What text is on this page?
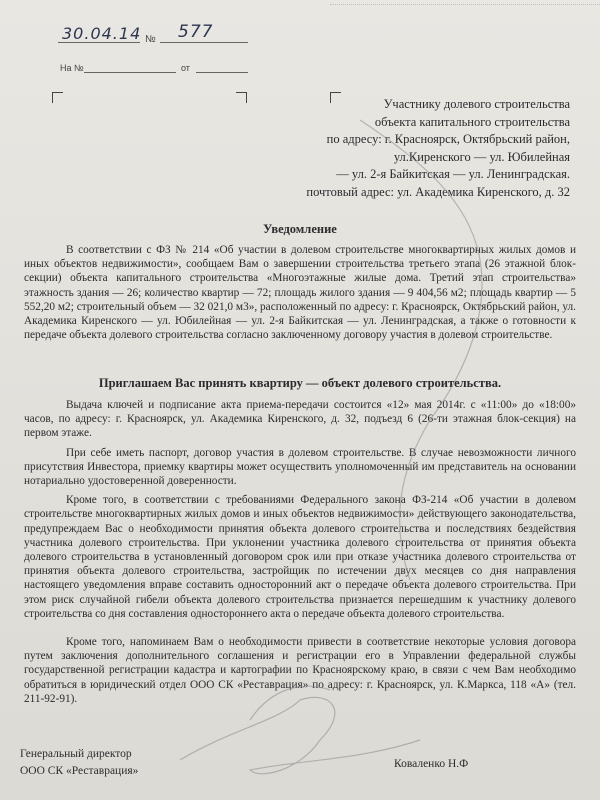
30.04.14 № 577
На №	от
Участнику долевого строительства
объекта капитального строительства
по адресу: г. Красноярск, Октябрьский район,
ул.Киренского — ул. Юбилейная
— ул. 2-я Байкитская — ул. Ленинградская.
почтовый адрес: ул. Академика Киренского, д. 32
Уведомление

В соответствии с ФЗ № 214 «Об участии в долевом строительстве многоквартирных жилых домов и иных объектов недвижимости», сообщаем Вам о завершении строительства третьего этапа (26 этажной блок-секции) объекта капитального строительства «Многоэтажные жилые дома. Третий этап строительства» этажность здания — 26; количество квартир — 72; площадь жилого здания — 9 404,56 м2; площадь квартир — 5 552,20 м2; строительный объем — 32 021,0 м3», расположенный по адресу: г. Красноярск, Октябрьский район, ул. Академика Киренского — ул. Юбилейная — ул. 2-я Байкитская — ул. Ленинградская, а также о готовности к передаче объекта долевого строительства согласно заключенному договору участия в долевом строительстве.

Приглашаем Вас принять квартиру — объект долевого строительства.

Выдача ключей и подписание акта приема-передачи состоится «12» мая 2014г. с «11:00» до «18:00» часов, по адресу: г. Красноярск, ул. Академика Киренского, д. 32, подъезд 6 (26-ти этажная блок-секция) на первом этаже.

При себе иметь паспорт, договор участия в долевом строительстве. В случае невозможности личного присутствия Инвестора, приемку квартиры может осуществить уполномоченный им представитель на основании нотариально удостоверенной доверенности.

Кроме того, в соответствии с требованиями Федерального закона ФЗ-214 «Об участии в долевом строительстве многоквартирных жилых домов и иных объектов недвижимости» действующего законодательства, предупреждаем Вас о необходимости принятия объекта долевого строительства и последствиях бездействия участника долевого строительства. При уклонении участника долевого строительства от принятия объекта долевого строительства в установленный договором срок или при отказе участника долевого строительства от принятия объекта долевого строительства, застройщик по истечении двух месяцев со дня направления настоящего уведомления вправе составить односторонний акт о передаче объекта долевого строительства. При этом риск случайной гибели объекта долевого строительства признается перешедшим к участнику долевого строительства со дня составления одностороннего акта о передаче объекта долевого строительства.

Кроме того, напоминаем Вам о необходимости привести в соответствие некоторые условия договора путем заключения дополнительного соглашения и регистрации его в Управлении федеральной службы государственной регистрации кадастра и картографии по Красноярскому краю, в связи с чем Вам необходимо обратиться в юридический отдел ООО СК «Реставрация» по адресу: г. Красноярск, ул. К.Маркса, 118 «А» (тел. 211-92-91).

Генеральный директор
ООО СК «Реставрация»
Коваленко Н.Ф
